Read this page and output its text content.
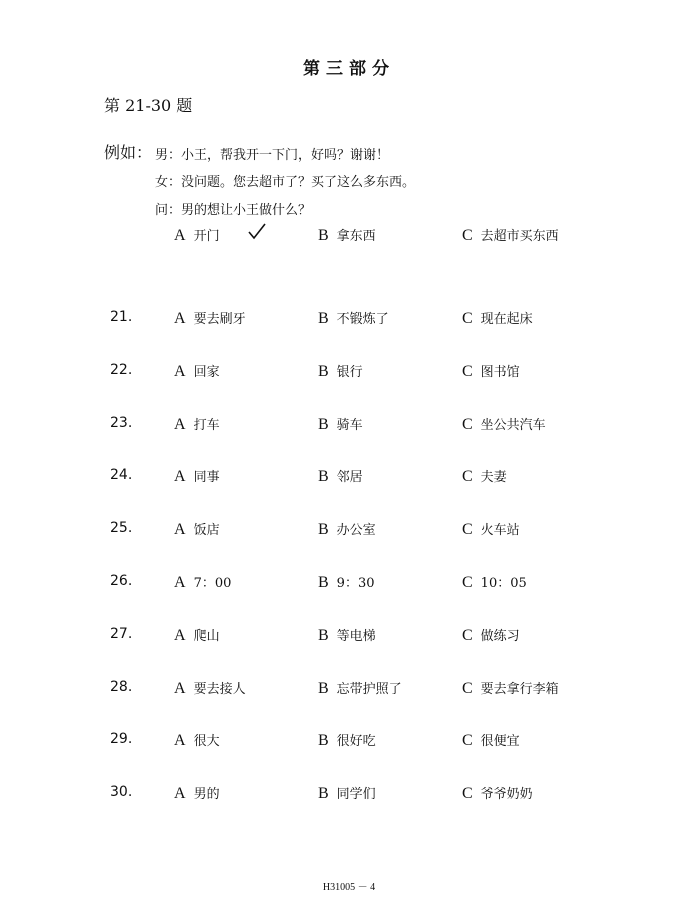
第三部分
第 21-30 题
例如： 男：小王，帮我开一下门，好吗？谢谢！
女：没问题。您去超市了？买了这么多东西。
问：男的想让小王做什么？
A 开门	B 拿东西	C 去超市买东西
21.	A 要去刷牙	B 不锻炼了	C 现在起床
22.	A 回家	B 银行	C 图书馆
23.	A 打车	B 骑车	C 坐公共汽车
24.	A 同事	B 邻居	C 夫妻
25.	A 饭店	B 办公室	C 火车站
26.	A 7：00	B 9：30	C 10：05
27.	A 爬山	B 等电梯	C 做练习
28.	A 要去接人	B 忘带护照了	C 要去拿行李箱
29.	A 很大	B 很好吃	C 很便宜
30.	A 男的	B 同学们	C 爷爷奶奶
H31005 － 4
